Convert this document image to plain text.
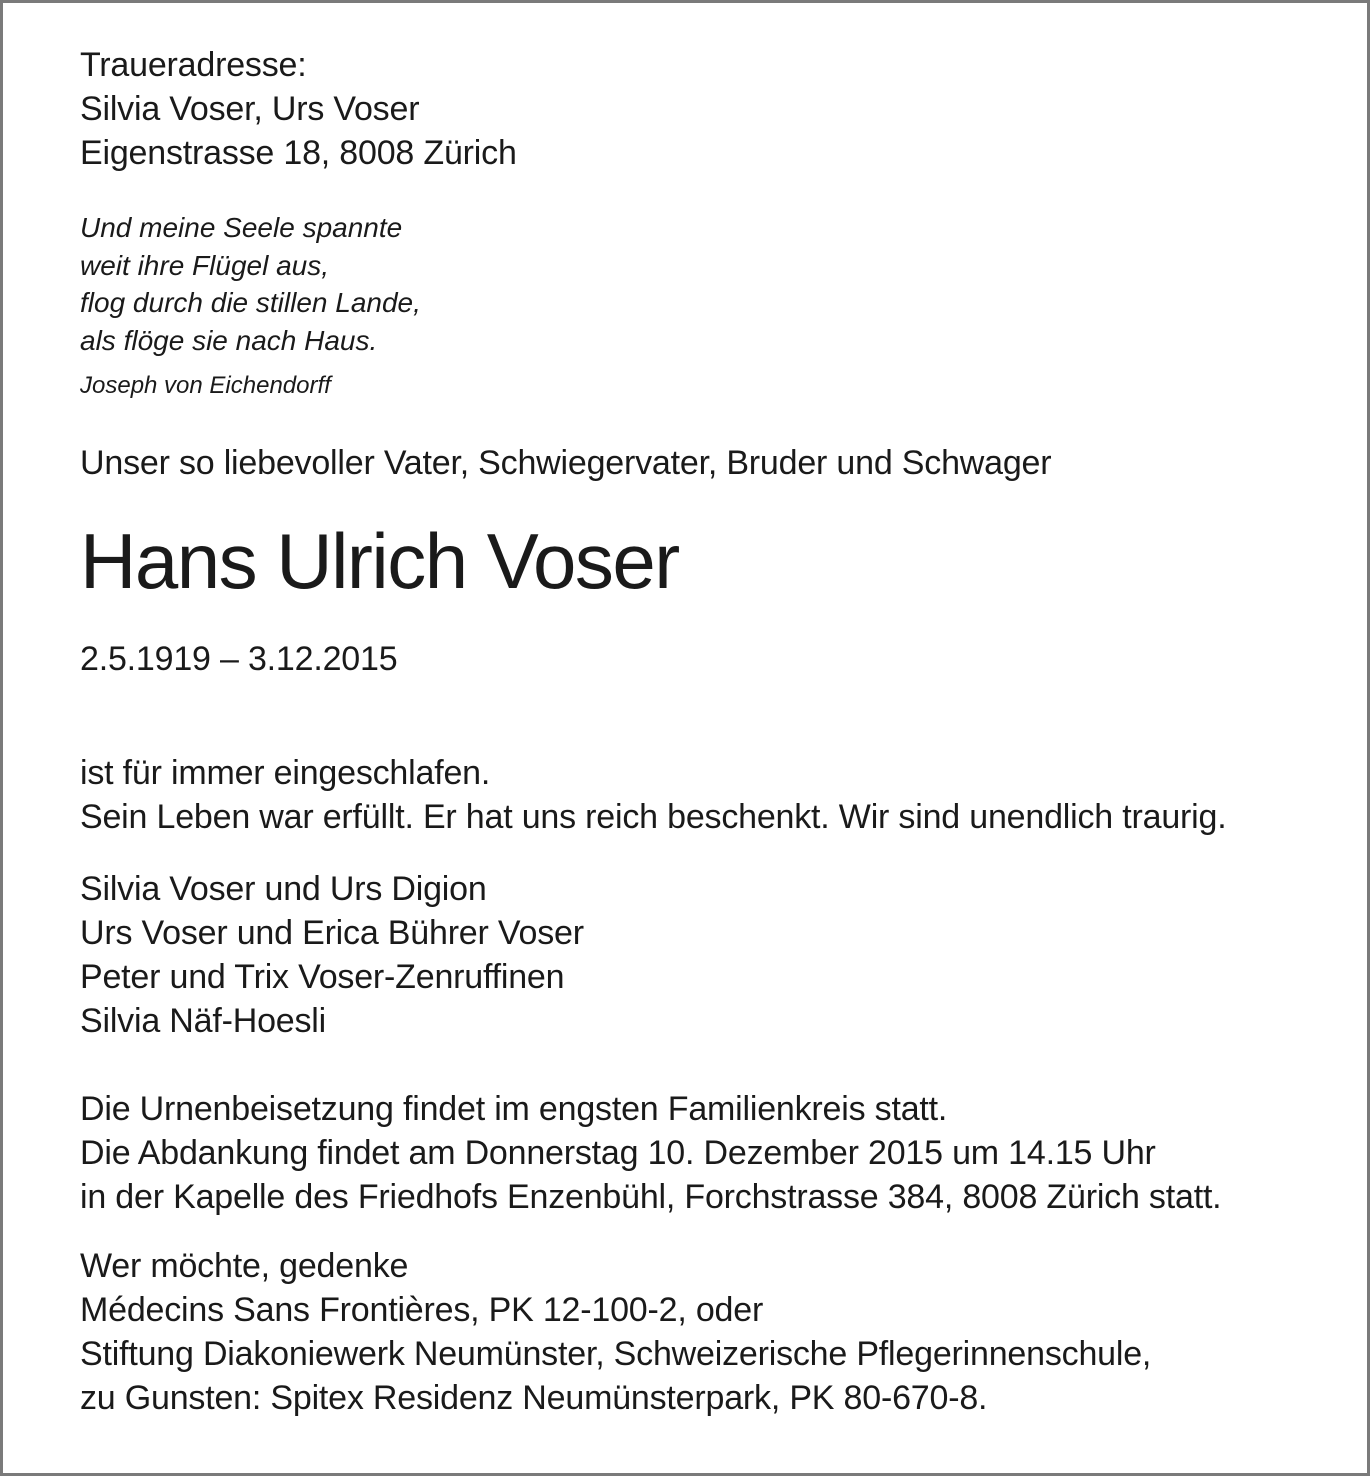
Traueradresse:
Silvia Voser, Urs Voser
Eigenstrasse 18, 8008 Zürich
Und meine Seele spannte
weit ihre Flügel aus,
flog durch die stillen Lande,
als flöge sie nach Haus.
Joseph von Eichendorff
Unser so liebevoller Vater, Schwiegervater, Bruder und Schwager
Hans Ulrich Voser
2.5.1919 – 3.12.2015
ist für immer eingeschlafen.
Sein Leben war erfüllt. Er hat uns reich beschenkt. Wir sind unendlich traurig.
Silvia Voser und Urs Digion
Urs Voser und Erica Bührer Voser
Peter und Trix Voser-Zenruffinen
Silvia Näf-Hoesli
Die Urnenbeisetzung findet im engsten Familienkreis statt.
Die Abdankung findet am Donnerstag 10. Dezember 2015 um 14.15 Uhr
in der Kapelle des Friedhofs Enzenbühl, Forchstrasse 384, 8008 Zürich statt.
Wer möchte, gedenke
Médecins Sans Frontières, PK 12-100-2, oder
Stiftung Diakoniewerk Neumünster, Schweizerische Pflegerinnenschule,
zu Gunsten: Spitex Residenz Neumünsterpark, PK 80-670-8.
